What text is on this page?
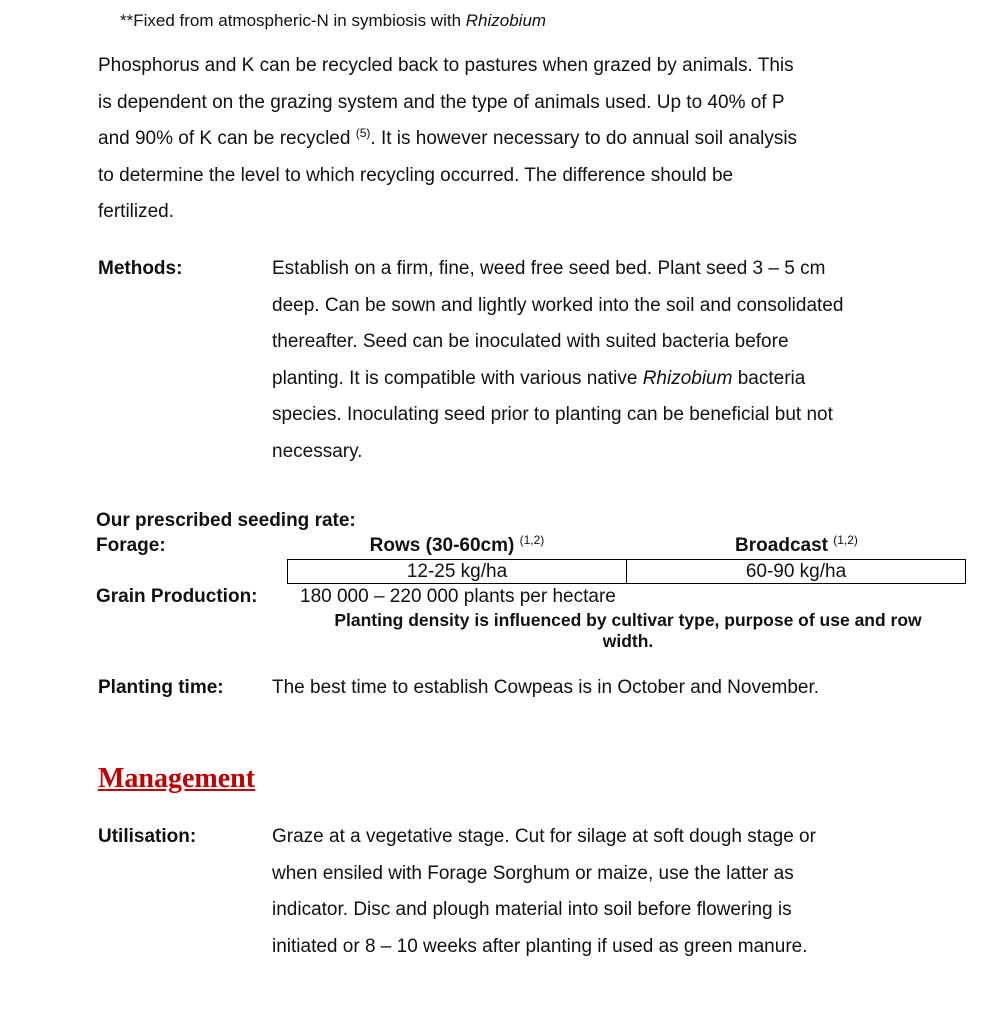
**Fixed from atmospheric-N in symbiosis with Rhizobium
Phosphorus and K can be recycled back to pastures when grazed by animals. This
is dependent on the grazing system and the type of animals used. Up to 40% of P
and 90% of K can be recycled $^{(5)}$. It is however necessary to do annual soil analysis
to determine the level to which recycling occurred. The difference should be
fertilized.
Methods:	Establish on a firm, fine, weed free seed bed. Plant seed 3 – 5 cm
deep. Can be sown and lightly worked into the soil and consolidated
thereafter. Seed can be inoculated with suited bacteria before
planting. It is compatible with various native Rhizobium bacteria
species. Inoculating seed prior to planting can be beneficial but not
necessary.
Our prescribed seeding rate:
Forage:	Rows (30-60cm) $^{(1,2)}$	Broadcast $^{(1,2)}$
12-25 kg/ha	60-90 kg/ha
Grain Production: 180 000 – 220 000 plants per hectare
Planting density is influenced by cultivar type, purpose of use and row
width.
Planting time:	The best time to establish Cowpeas is in October and November.
Management
Utilisation:	Graze at a vegetative stage. Cut for silage at soft dough stage or
when ensiled with Forage Sorghum or maize, use the latter as
indicator. Disc and plough material into soil before flowering is
initiated or 8 – 10 weeks after planting if used as green manure.
